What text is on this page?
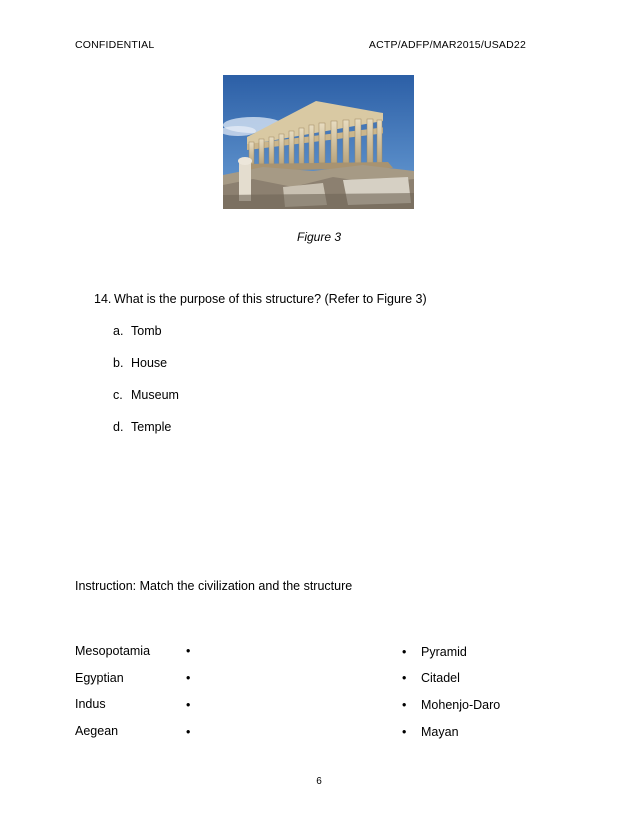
CONFIDENTIAL	ACTP/ADFP/MAR2015/USAD22
Figure 3
14. What is the purpose of this structure? (Refer to Figure 3)
a. Tomb
b. House
c. Museum
d. Temple
Instruction: Match the civilization and the structure
Mesopotamia	•	• Pyramid
Egyptian	•	• Citadel
Indus	•	• Mohenjo-Daro
Aegean	•	• Mayan
6
